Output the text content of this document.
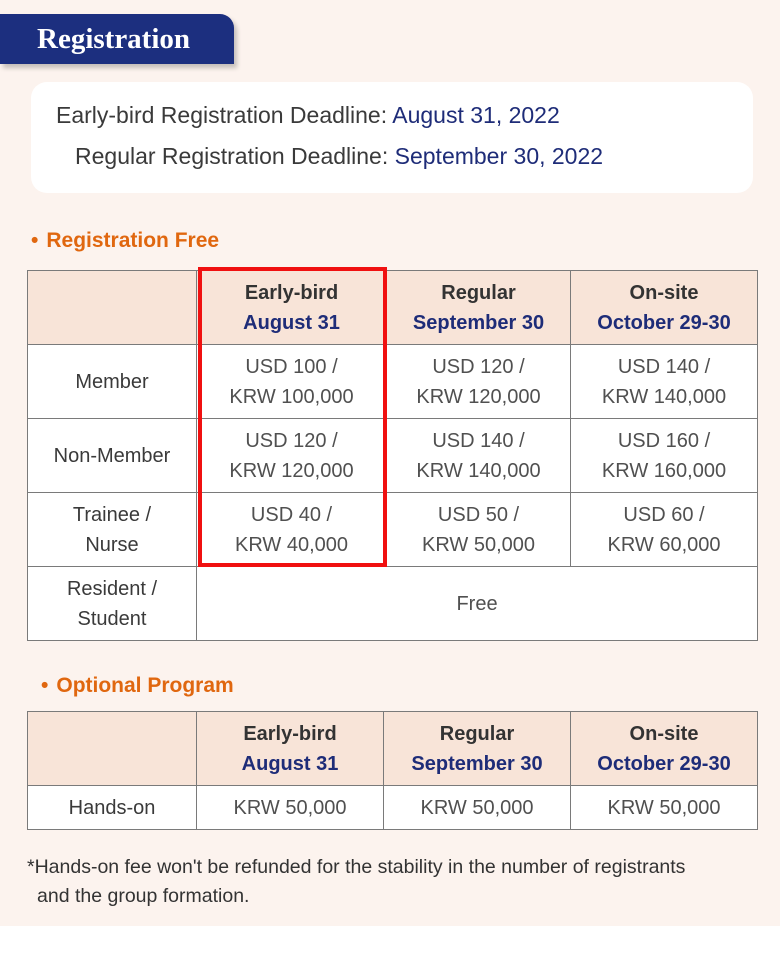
Registration
Early-bird Registration Deadline: August 31, 2022
Regular Registration Deadline: September 30, 2022
• Registration Free

	Early-bird
August 31	Regular
September 30	On-site
October 29-30

Member	USD 100 /
KRW 100,000	USD 120 /
KRW 120,000	USD 140 /
KRW 140,000
Non-Member	USD 120 /
KRW 120,000	USD 140 /
KRW 140,000	USD 160 /
KRW 160,000
Trainee /
Nurse	USD 40 /
KRW 40,000	USD 50 /
KRW 50,000	USD 60 /
KRW 60,000
Resident /
Student	Free		
• Optional Program

	Early-bird
August 31	Regular
September 30	On-site
October 29-30

Hands-on	KRW 50,000	KRW 50,000	KRW 50,000
*Hands-on fee won't be refunded for the stability in the number of registrants
and the group formation.
